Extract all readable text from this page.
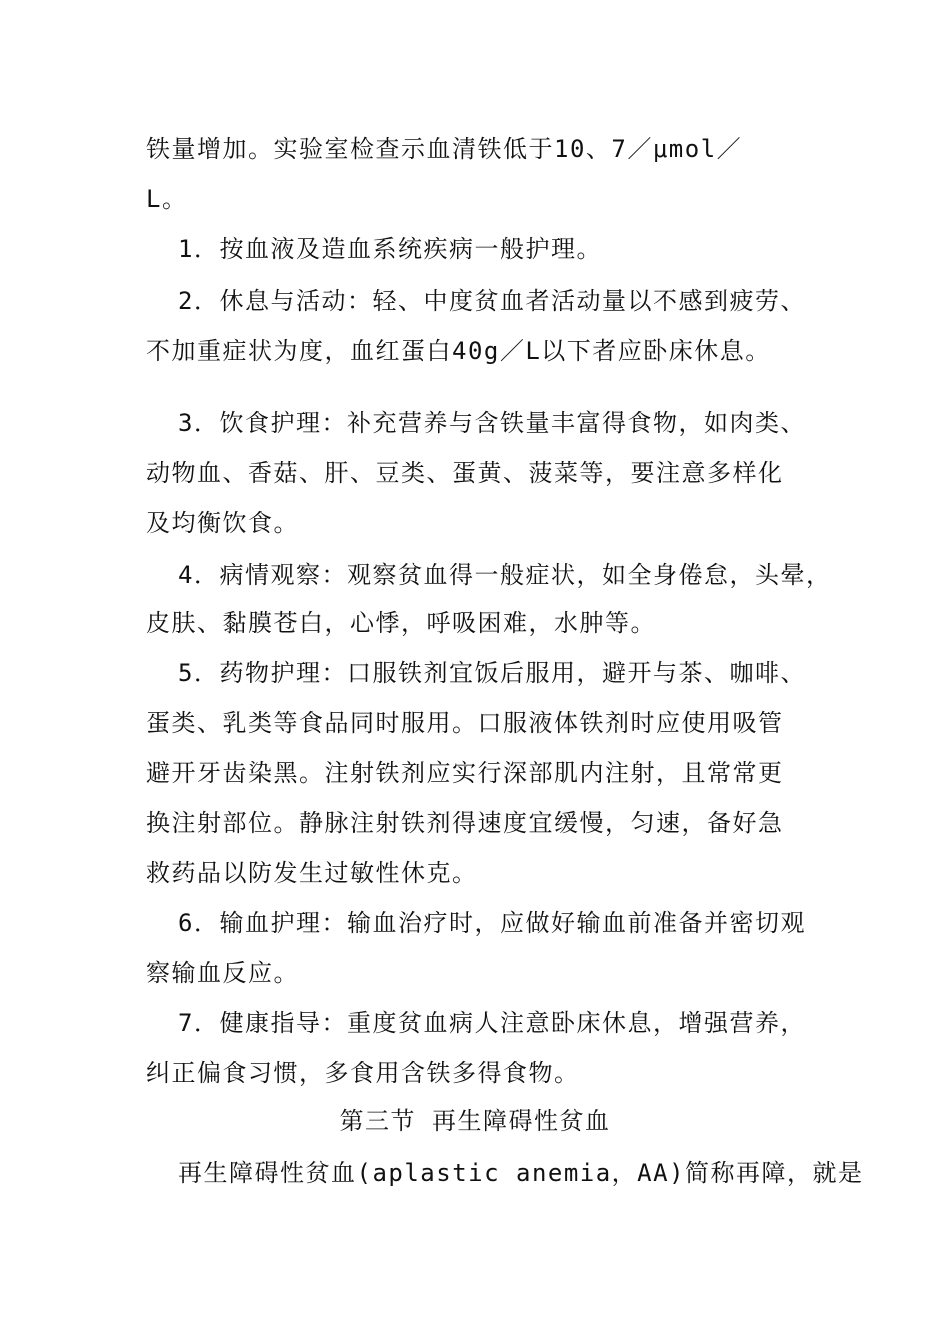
铁量增加。实验室检查示血清铁低于10、7／μmol／
L。
1．按血液及造血系统疾病一般护理。
2．休息与活动：轻、中度贫血者活动量以不感到疲劳、
不加重症状为度，血红蛋白40g／L以下者应卧床休息。
3．饮食护理：补充营养与含铁量丰富得食物，如肉类、
动物血、香菇、肝、豆类、蛋黄、菠菜等，要注意多样化
及均衡饮食。
4．病情观察：观察贫血得一般症状，如全身倦怠，头晕，
皮肤、黏膜苍白，心悸，呼吸困难，水肿等。
5．药物护理：口服铁剂宜饭后服用，避开与茶、咖啡、
蛋类、乳类等食品同时服用。口服液体铁剂时应使用吸管
避开牙齿染黑。注射铁剂应实行深部肌内注射，且常常更
换注射部位。静脉注射铁剂得速度宜缓慢，匀速，备好急
救药品以防发生过敏性休克。
6．输血护理：输血治疗时，应做好输血前准备并密切观
察输血反应。
7．健康指导：重度贫血病人注意卧床休息，增强营养，
纠正偏食习惯，多食用含铁多得食物。
第三节 再生障碍性贫血
再生障碍性贫血(aplastic anemia，AA)简称再障，就是
